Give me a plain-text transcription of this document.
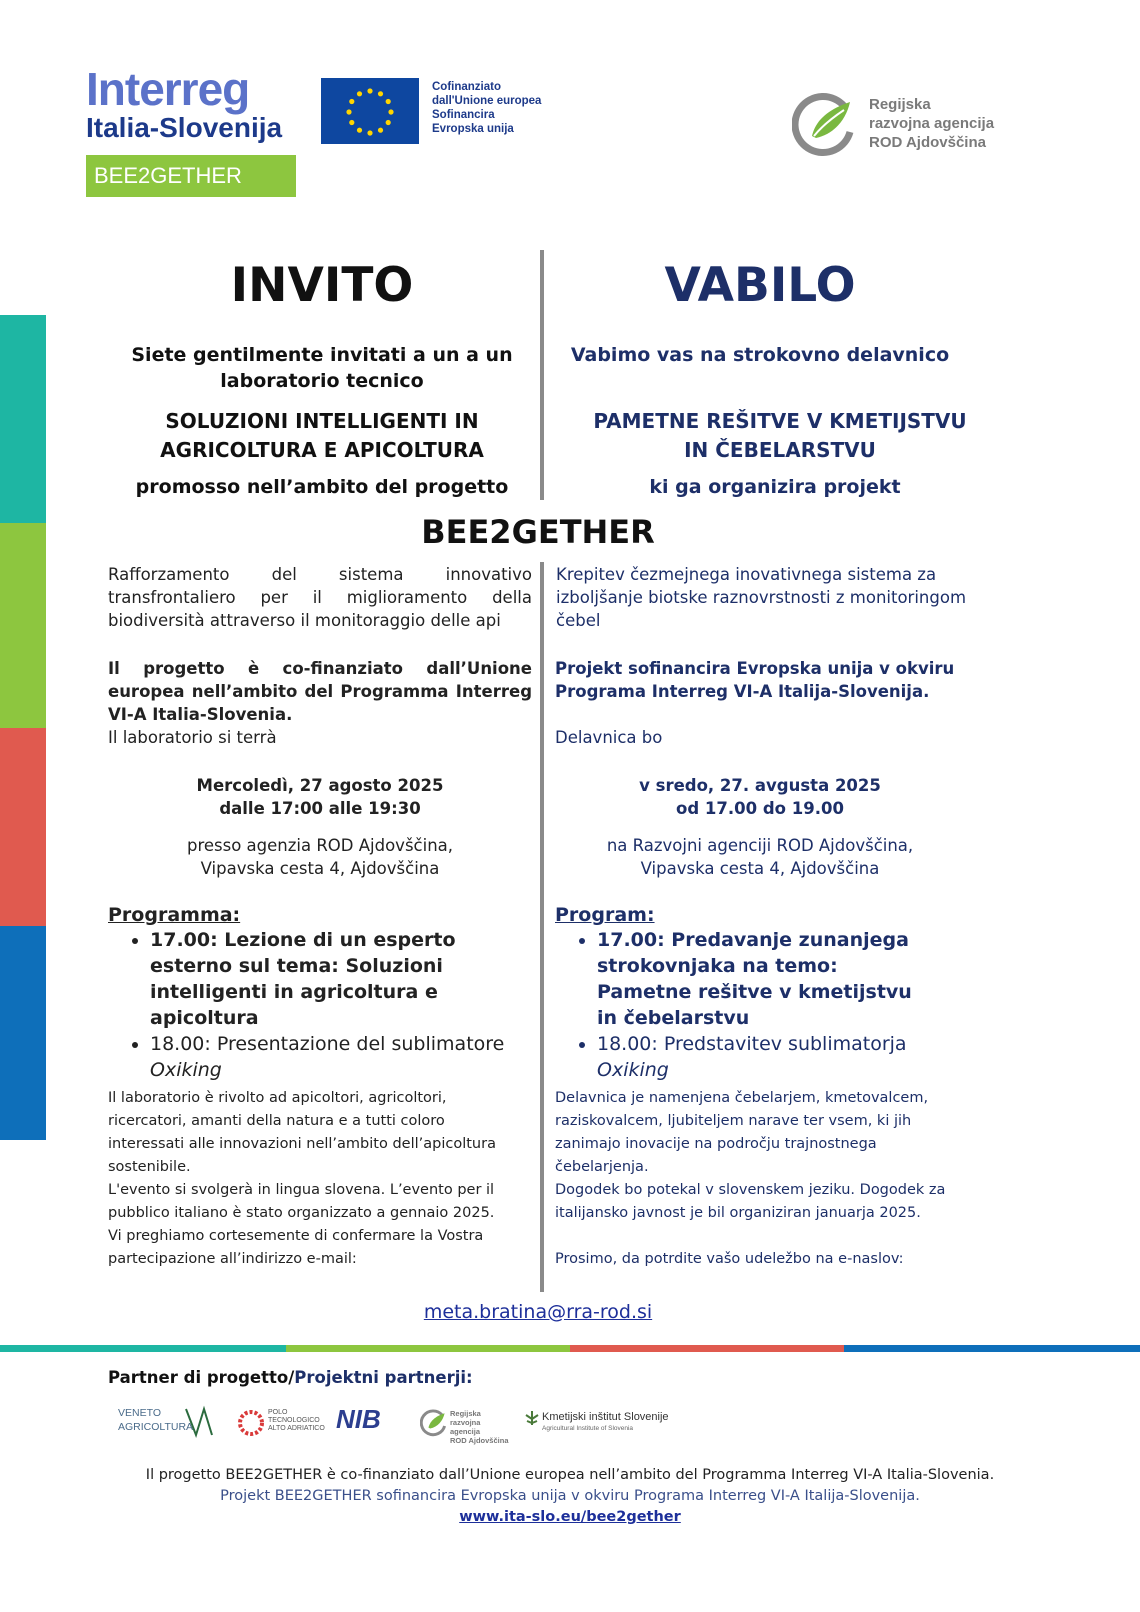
Interreg
Italia-Slovenija
BEE2GETHER
Cofinanziato
dall'Unione europea
Sofinancira
Evropska unija
Regijska
razvojna agencija
ROD Ajdovščina
INVITO	VABILO
Siete gentilmente invitati a un a un laboratorio tecnico
Vabimo vas na strokovno delavnico
SOLUZIONI INTELLIGENTI IN AGRICOLTURA E APICOLTURA
PAMETNE REŠITVE V KMETIJSTVU IN ČEBELARSTVU
promosso nell’ambito del progetto	ki ga organizira projekt
BEE2GETHER
Rafforzamento del sistema innovativo transfrontaliero per il miglioramento della biodiversità attraverso il monitoraggio delle api
Krepitev čezmejnega inovativnega sistema za izboljšanje biotske raznovrstnosti z monitoringom čebel
Il progetto è co-finanziato dall’Unione europea nell’ambito del Programma Interreg VI-A Italia-Slovenia.
Projekt sofinancira Evropska unija v okviru Programa Interreg VI-A Italija-Slovenija.
Il laboratorio si terrà	Delavnica bo
Mercoledì, 27 agosto 2025
dalle 17:00 alle 19:30
v sredo, 27. avgusta 2025
od 17.00 do 19.00
presso agenzia ROD Ajdovščina,
Vipavska cesta 4, Ajdovščina
na Razvojni agenciji ROD Ajdovščina,
Vipavska cesta 4, Ajdovščina
Programma:
• 17.00: Lezione di un esperto esterno sul tema: Soluzioni intelligenti in agricoltura e apicoltura
• 18.00: Presentazione del sublimatore Oxiking
Program:
• 17.00: Predavanje zunanjega strokovnjaka na temo: Pametne rešitve v kmetijstvu in čebelarstvu
• 18.00: Predstavitev sublimatorja Oxiking
Il laboratorio è rivolto ad apicoltori, agricoltori, ricercatori, amanti della natura e a tutti coloro interessati alle innovazioni nell’ambito dell’apicoltura sostenibile.
L'evento si svolgerà in lingua slovena. L’evento per il pubblico italiano è stato organizzato a gennaio 2025.
Delavnica je namenjena čebelarjem, kmetovalcem, raziskovalcem, ljubiteljem narave ter vsem, ki jih zanimajo inovacije na področju trajnostnega čebelarjenja.
Dogodek bo potekal v slovenskem jeziku. Dogodek za italijansko javnost je bil organiziran januarja 2025.
Vi preghiamo cortesemente di confermare la Vostra partecipazione all’indirizzo e-mail:	Prosimo, da potrdite vašo udeležbo na e-naslov:
meta.bratina@rra-rod.si
Partner di progetto/Projektni partnerji:
VENETO
AGRICOLTURA
POLO
TECNOLOGICO
ALTO ADRIATICO NIB	Regijska
razvojna agencija
ROD Ajdovščina
Kmetijski inštitut Slovenije
Agricultural Institute of Slovenia
Il progetto BEE2GETHER è co-finanziato dall’Unione europea nell’ambito del Programma Interreg VI-A Italia-Slovenia.
Projekt BEE2GETHER sofinancira Evropska unija v okviru Programa Interreg VI-A Italija-Slovenija.
www.ita-slo.eu/bee2gether
